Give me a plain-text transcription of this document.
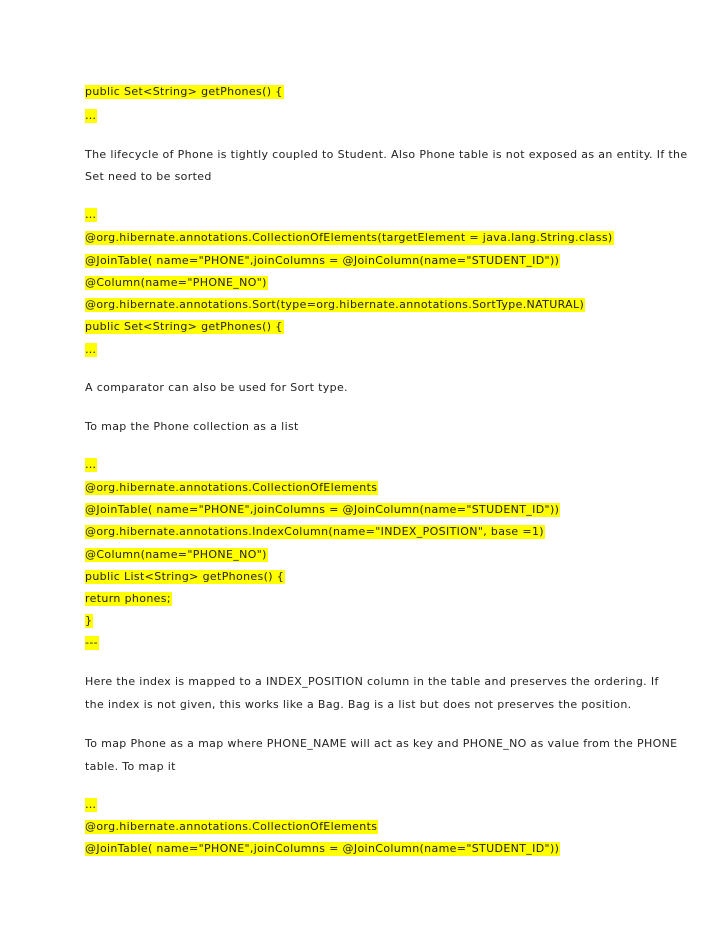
public Set<String> getPhones() {
…
The lifecycle of Phone is tightly coupled to Student. Also Phone table is not exposed as an entity. If the
Set need to be sorted
…
@org.hibernate.annotations.CollectionOfElements(targetElement = java.lang.String.class)
@JoinTable( name="PHONE",joinColumns = @JoinColumn(name="STUDENT_ID"))
@Column(name="PHONE_NO")
@org.hibernate.annotations.Sort(type=org.hibernate.annotations.SortType.NATURAL)
public Set<String> getPhones() {
…
A comparator can also be used for Sort type.
To map the Phone collection as a list
…
@org.hibernate.annotations.CollectionOfElements
@JoinTable( name="PHONE",joinColumns = @JoinColumn(name="STUDENT_ID"))
@org.hibernate.annotations.IndexColumn(name="INDEX_POSITION", base =1)
@Column(name="PHONE_NO")
public List<String> getPhones() {
return phones;
}
---
Here the index is mapped to a INDEX_POSITION column in the table and preserves the ordering. If
the index is not given, this works like a Bag. Bag is a list but does not preserves the position.
To map Phone as a map where PHONE_NAME will act as key and PHONE_NO as value from the PHONE
table. To map it
…
@org.hibernate.annotations.CollectionOfElements
@JoinTable( name="PHONE",joinColumns = @JoinColumn(name="STUDENT_ID"))
